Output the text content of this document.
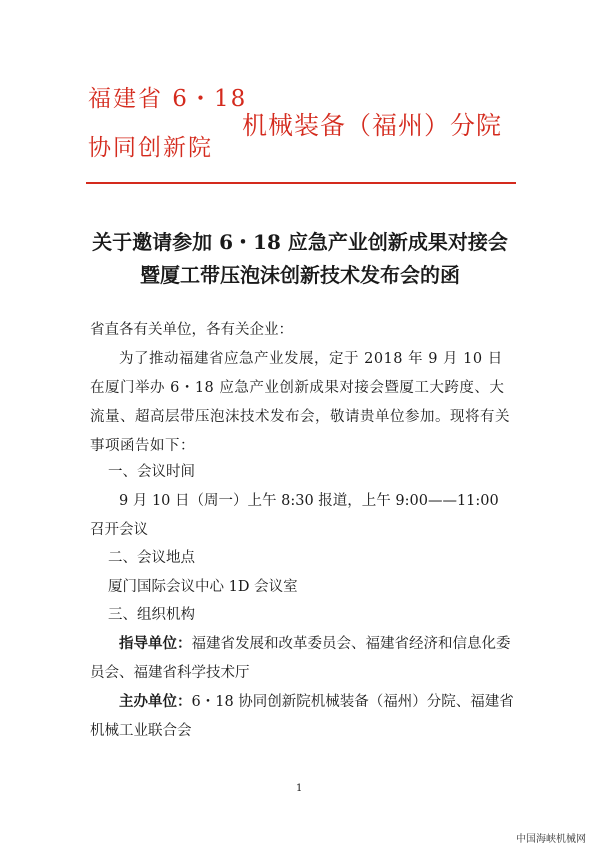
福建省 6・18
协同创新院
机械装备（福州）分院
关于邀请参加 6・18 应急产业创新成果对接会
暨厦工带压泡沫创新技术发布会的函
省直各有关单位，各有关企业：
为了推动福建省应急产业发展，定于 2018 年 9 月 10 日在厦门举办 6・18 应急产业创新成果对接会暨厦工大跨度、大流量、超高层带压泡沫技术发布会，敬请贵单位参加。现将有关事项函告如下：
一、会议时间
9 月 10 日（周一）上午 8:30 报道，上午 9:00——11:00 召开会议
二、会议地点
厦门国际会议中心 1D 会议室
三、组织机构
指导单位：福建省发展和改革委员会、福建省经济和信息化委员会、福建省科学技术厅
主办单位：6・18 协同创新院机械装备（福州）分院、福建省机械工业联合会
1
中国海峡机械网
